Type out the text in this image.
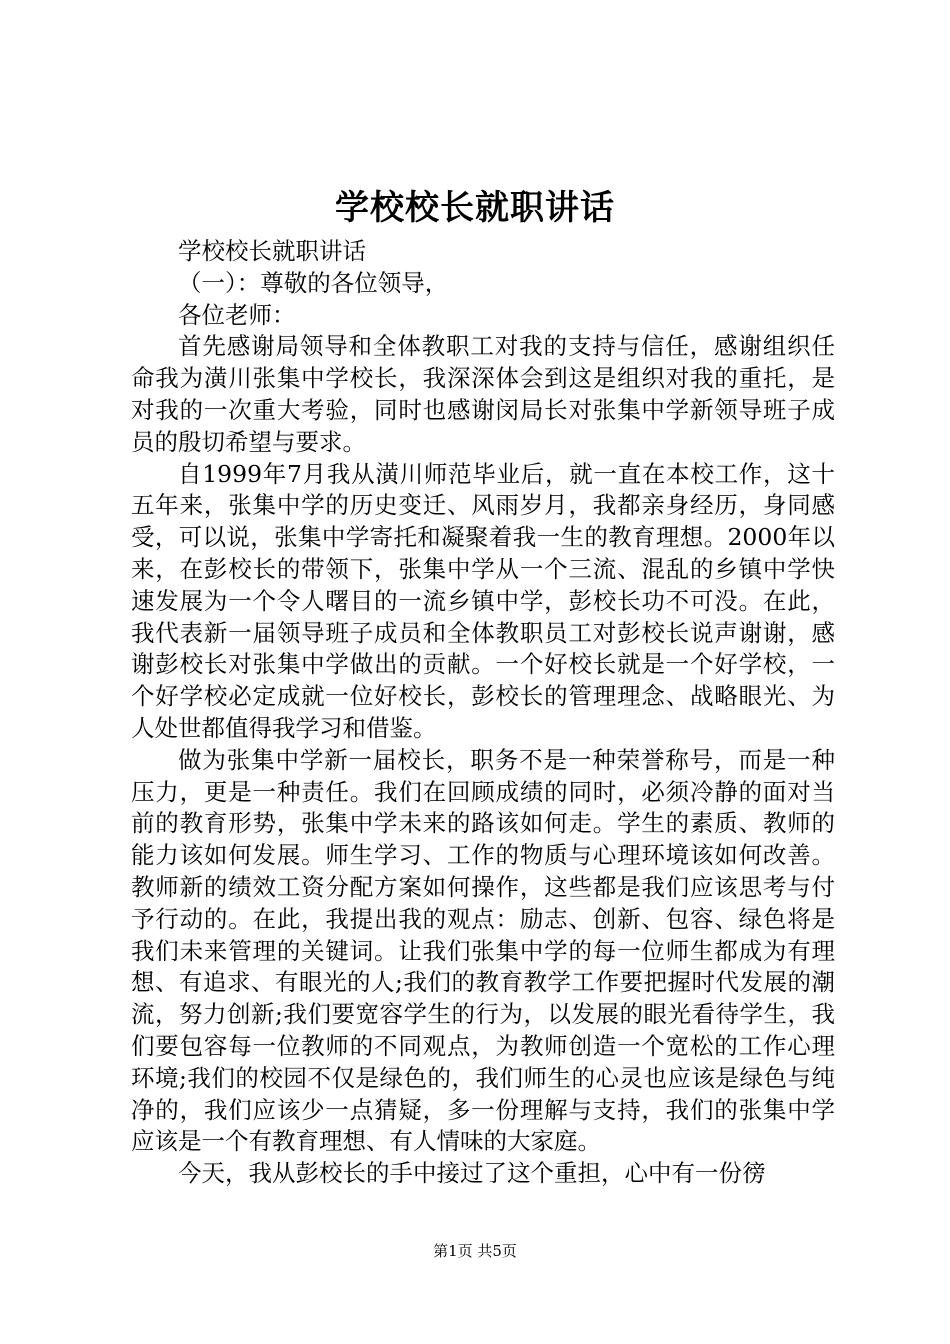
学校校长就职讲话

学校校长就职讲话

（一）：尊敬的各位领导，

各位老师：

首先感谢局领导和全体教职工对我的支持与信任，感谢组织任命我为潢川张集中学校长，我深深体会到这是组织对我的重托，是对我的一次重大考验，同时也感谢闵局长对张集中学新领导班子成员的殷切希望与要求。

自1999年7月我从潢川师范毕业后，就一直在本校工作，这十五年来，张集中学的历史变迁、风雨岁月，我都亲身经历，身同感受，可以说，张集中学寄托和凝聚着我一生的教育理想。2000年以来，在彭校长的带领下，张集中学从一个三流、混乱的乡镇中学快速发展为一个令人曙目的一流乡镇中学，彭校长功不可没。在此，我代表新一届领导班子成员和全体教职员工对彭校长说声谢谢，感谢彭校长对张集中学做出的贡献。一个好校长就是一个好学校，一个好学校必定成就一位好校长，彭校长的管理理念、战略眼光、为人处世都值得我学习和借鉴。

做为张集中学新一届校长，职务不是一种荣誉称号，而是一种压力，更是一种责任。我们在回顾成绩的同时，必须冷静的面对当前的教育形势，张集中学未来的路该如何走。学生的素质、教师的能力该如何发展。师生学习、工作的物质与心理环境该如何改善。教师新的绩效工资分配方案如何操作，这些都是我们应该思考与付予行动的。在此，我提出我的观点：励志、创新、包容、绿色将是我们未来管理的关键词。让我们张集中学的每一位师生都成为有理想、有追求、有眼光的人;我们的教育教学工作要把握时代发展的潮流，努力创新;我们要宽容学生的行为，以发展的眼光看待学生，我们要包容每一位教师的不同观点，为教师创造一个宽松的工作心理环境;我们的校园不仅是绿色的，我们师生的心灵也应该是绿色与纯净的，我们应该少一点猜疑，多一份理解与支持，我们的张集中学应该是一个有教育理想、有人情味的大家庭。

今天，我从彭校长的手中接过了这个重担，心中有一份徬

第1页 共5页
